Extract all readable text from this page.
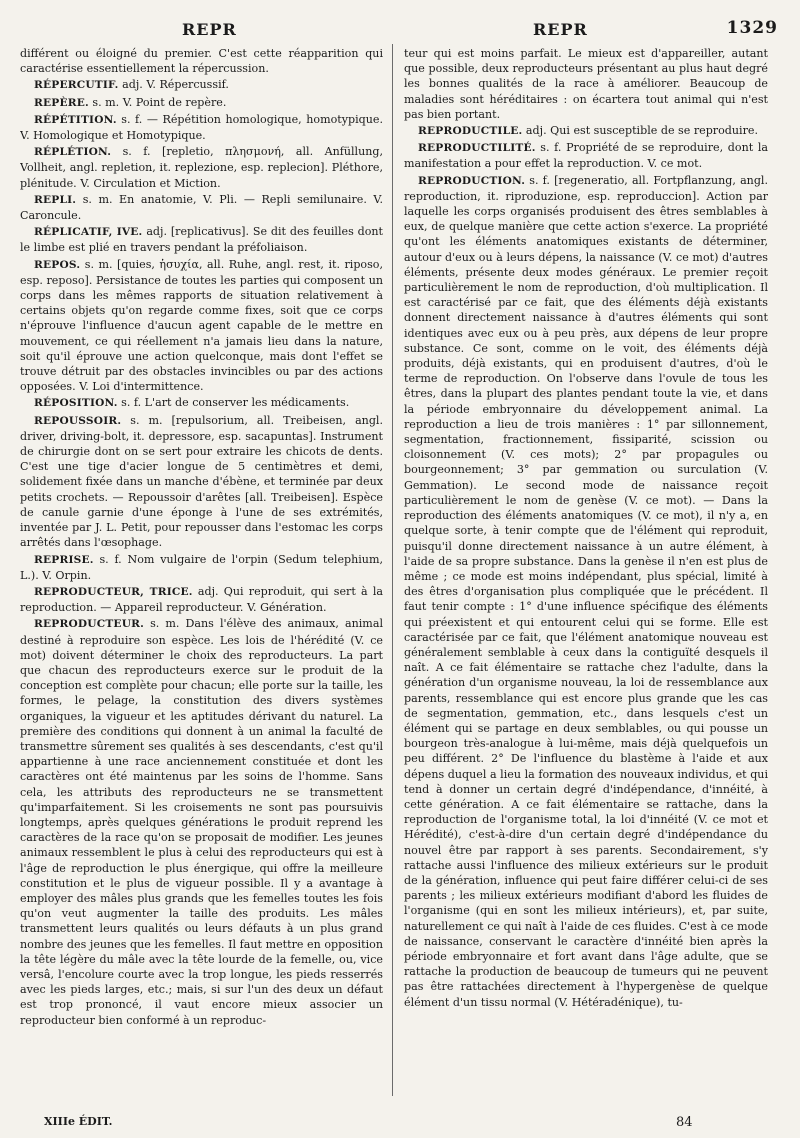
REPR	REPR	1329

différent ou éloigné du premier. C'est cette réapparition qui caractérise essentiellement la répercussion.

RÉPERCUTIF. adj. V. Répercussif.

REPÈRE. s. m. V. Point de repère.

RÉPÉTITION. s. f. — Répétition homologique, homotypique. V. Homologique et Homotypique.

RÉPLÉTION. s. f. [repletio, πλησμονή, all. Anfüllung, Vollheit, angl. repletion, it. replezione, esp. replecion]. Pléthore, plénitude. V. Circulation et Miction.

REPLI. s. m. En anatomie, V. Pli. — Repli semilunaire. V. Caroncule.

RÉPLICATIF, IVE. adj. [replicativus]. Se dit des feuilles dont le limbe est plié en travers pendant la préfoliaison.

REPOS. s. m. [quies, ἡσυχία, all. Ruhe, angl. rest, it. riposo, esp. reposo]. Persistance de toutes les parties qui composent un corps dans les mêmes rapports de situation relativement à certains objets qu'on regarde comme fixes, soit que ce corps n'éprouve l'influence d'aucun agent capable de le mettre en mouvement, ce qui réellement n'a jamais lieu dans la nature, soit qu'il éprouve une action quelconque, mais dont l'effet se trouve détruit par des obstacles invincibles ou par des actions opposées. V. Loi d'intermittence.

RÉPOSITION. s. f. L'art de conserver les médicaments.

REPOUSSOIR. s. m. [repulsorium, all. Treibeisen, angl. driver, driving-bolt, it. depressore, esp. sacapuntas]. Instrument de chirurgie dont on se sert pour extraire les chicots de dents. C'est une tige d'acier longue de 5 centimètres et demi, solidement fixée dans un manche d'ébène, et terminée par deux petits crochets. — Repoussoir d'arêtes [all. Treibeisen]. Espèce de canule garnie d'une éponge à l'une de ses extrémités, inventée par J. L. Petit, pour repousser dans l'estomac les corps arrêtés dans l'œsophage.

REPRISE. s. f. Nom vulgaire de l'orpin (Sedum telephium, L.). V. Orpin.

REPRODUCTEUR, TRICE. adj. Qui reproduit, qui sert à la reproduction. — Appareil reproducteur. V. Génération.

REPRODUCTEUR. s. m. Dans l'élève des animaux, animal destiné à reproduire son espèce. Les lois de l'hérédité (V. ce mot) doivent déterminer le choix des reproducteurs. La part que chacun des reproducteurs exerce sur le produit de la conception est complète pour chacun; elle porte sur la taille, les formes, le pelage, la constitution des divers systèmes organiques, la vigueur et les aptitudes dérivant du naturel. La première des conditions qui donnent à un animal la faculté de transmettre sûrement ses qualités à ses descendants, c'est qu'il appartienne à une race anciennement constituée et dont les caractères ont été maintenus par les soins de l'homme. Sans cela, les attributs des reproducteurs ne se transmettent qu'imparfaitement. Si les croisements ne sont pas poursuivis longtemps, après quelques générations le produit reprend les caractères de la race qu'on se proposait de modifier. Les jeunes animaux ressemblent le plus à celui des reproducteurs qui est à l'âge de reproduction le plus énergique, qui offre la meilleure constitution et le plus de vigueur possible. Il y a avantage à employer des mâles plus grands que les femelles toutes les fois qu'on veut augmenter la taille des produits. Les mâles transmettent leurs qualités ou leurs défauts à un plus grand nombre des jeunes que les femelles. Il faut mettre en opposition la tête légère du mâle avec la tête lourde de la femelle, ou, vice versâ, l'encolure courte avec la trop longue, les pieds resserrés avec les pieds larges, etc.; mais, si sur l'un des deux un défaut est trop prononcé, il vaut encore mieux associer un reproducteur bien conformé à un reproduc-

teur qui est moins parfait. Le mieux est d'appareiller, autant que possible, deux reproducteurs présentant au plus haut degré les bonnes qualités de la race à améliorer. Beaucoup de maladies sont héréditaires : on écartera tout animal qui n'est pas bien portant.

REPRODUCTILE. adj. Qui est susceptible de se reproduire.

REPRODUCTILITÉ. s. f. Propriété de se reproduire, dont la manifestation a pour effet la reproduction. V. ce mot.

REPRODUCTION. s. f. [regeneratio, all. Fortpflanzung, angl. reproduction, it. riproduzione, esp. reproduccion]. Action par laquelle les corps organisés produisent des êtres semblables à eux, de quelque manière que cette action s'exerce. La propriété qu'ont les éléments anatomiques existants de déterminer, autour d'eux ou à leurs dépens, la naissance (V. ce mot) d'autres éléments, présente deux modes généraux. Le premier reçoit particulièrement le nom de reproduction, d'où multiplication. Il est caractérisé par ce fait, que des éléments déjà existants donnent directement naissance à d'autres éléments qui sont identiques avec eux ou à peu près, aux dépens de leur propre substance. Ce sont, comme on le voit, des éléments déjà produits, déjà existants, qui en produisent d'autres, d'où le terme de reproduction. On l'observe dans l'ovule de tous les êtres, dans la plupart des plantes pendant toute la vie, et dans la période embryonnaire du développement animal. La reproduction a lieu de trois manières : 1° par sillonnement, segmentation, fractionnement, fissiparité, scission ou cloisonnement (V. ces mots); 2° par propagules ou bourgeonnement; 3° par gemmation ou surculation (V. Gemmation). Le second mode de naissance reçoit particulièrement le nom de genèse (V. ce mot). — Dans la reproduction des éléments anatomiques (V. ce mot), il n'y a, en quelque sorte, à tenir compte que de l'élément qui reproduit, puisqu'il donne directement naissance à un autre élément, à l'aide de sa propre substance. Dans la genèse il n'en est plus de même ; ce mode est moins indépendant, plus spécial, limité à des êtres d'organisation plus compliquée que le précédent. Il faut tenir compte : 1° d'une influence spécifique des éléments qui préexistent et qui entourent celui qui se forme. Elle est caractérisée par ce fait, que l'élément anatomique nouveau est généralement semblable à ceux dans la contiguïté desquels il naît. A ce fait élémentaire se rattache chez l'adulte, dans la génération d'un organisme nouveau, la loi de ressemblance aux parents, ressemblance qui est encore plus grande que les cas de segmentation, gemmation, etc., dans lesquels c'est un élément qui se partage en deux semblables, ou qui pousse un bourgeon très-analogue à lui-même, mais déjà quelquefois un peu différent. 2° De l'influence du blastème à l'aide et aux dépens duquel a lieu la formation des nouveaux individus, et qui tend à donner un certain degré d'indépendance, d'innéité, à cette génération. A ce fait élémentaire se rattache, dans la reproduction de l'organisme total, la loi d'innéité (V. ce mot et Hérédité), c'est-à-dire d'un certain degré d'indépendance du nouvel être par rapport à ses parents. Secondairement, s'y rattache aussi l'influence des milieux extérieurs sur le produit de la génération, influence qui peut faire différer celui-ci de ses parents ; les milieux extérieurs modifiant d'abord les fluides de l'organisme (qui en sont les milieux intérieurs), et, par suite, naturellement ce qui naît à l'aide de ces fluides. C'est à ce mode de naissance, conservant le caractère d'innéité bien après la période embryonnaire et fort avant dans l'âge adulte, que se rattache la production de beaucoup de tumeurs qui ne peuvent pas être rattachées directement à l'hypergenèse de quelque élément d'un tissu normal (V. Hétéradénique), tu-

XIIIe ÉDIT.	84
